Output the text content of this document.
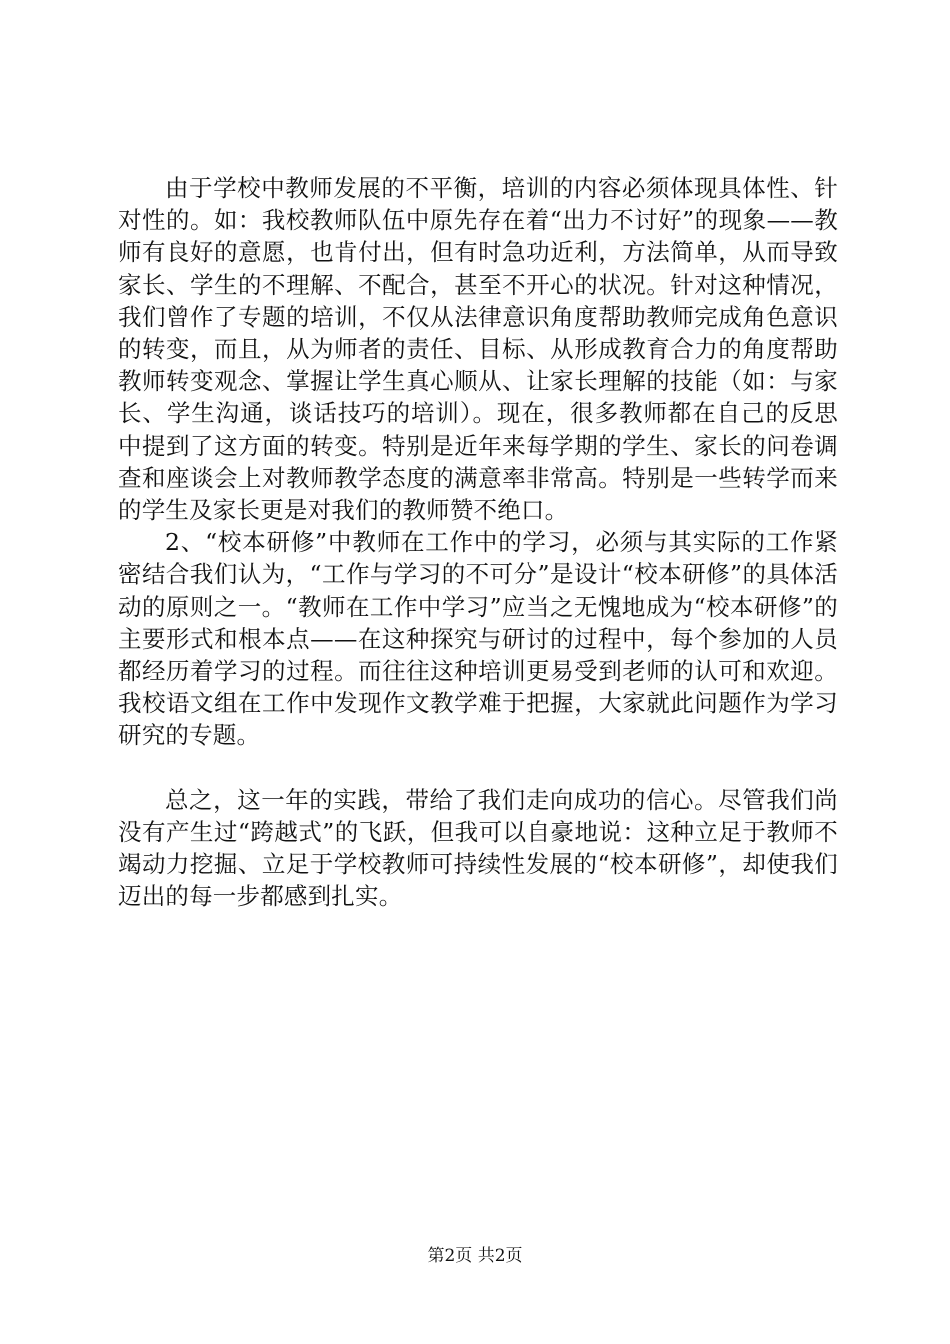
由于学校中教师发展的不平衡，培训的内容必须体现具体性、针对性的。如：我校教师队伍中原先存在着“出力不讨好”的现象——教师有良好的意愿，也肯付出，但有时急功近利，方法简单，从而导致家长、学生的不理解、不配合，甚至不开心的状况。针对这种情况，我们曾作了专题的培训，不仅从法律意识角度帮助教师完成角色意识的转变，而且，从为师者的责任、目标、从形成教育合力的角度帮助教师转变观念、掌握让学生真心顺从、让家长理解的技能（如：与家长、学生沟通，谈话技巧的培训）。现在，很多教师都在自己的反思中提到了这方面的转变。特别是近年来每学期的学生、家长的问卷调查和座谈会上对教师教学态度的满意率非常高。特别是一些转学而来的学生及家长更是对我们的教师赞不绝口。

2、“校本研修”中教师在工作中的学习，必须与其实际的工作紧密结合我们认为，“工作与学习的不可分”是设计“校本研修”的具体活动的原则之一。“教师在工作中学习”应当之无愧地成为“校本研修”的主要形式和根本点——在这种探究与研讨的过程中，每个参加的人员都经历着学习的过程。而往往这种培训更易受到老师的认可和欢迎。我校语文组在工作中发现作文教学难于把握，大家就此问题作为学习研究的专题。

总之，这一年的实践，带给了我们走向成功的信心。尽管我们尚没有产生过“跨越式”的飞跃，但我可以自豪地说：这种立足于教师不竭动力挖掘、立足于学校教师可持续性发展的“校本研修”，却使我们迈出的每一步都感到扎实。

第2页 共2页
